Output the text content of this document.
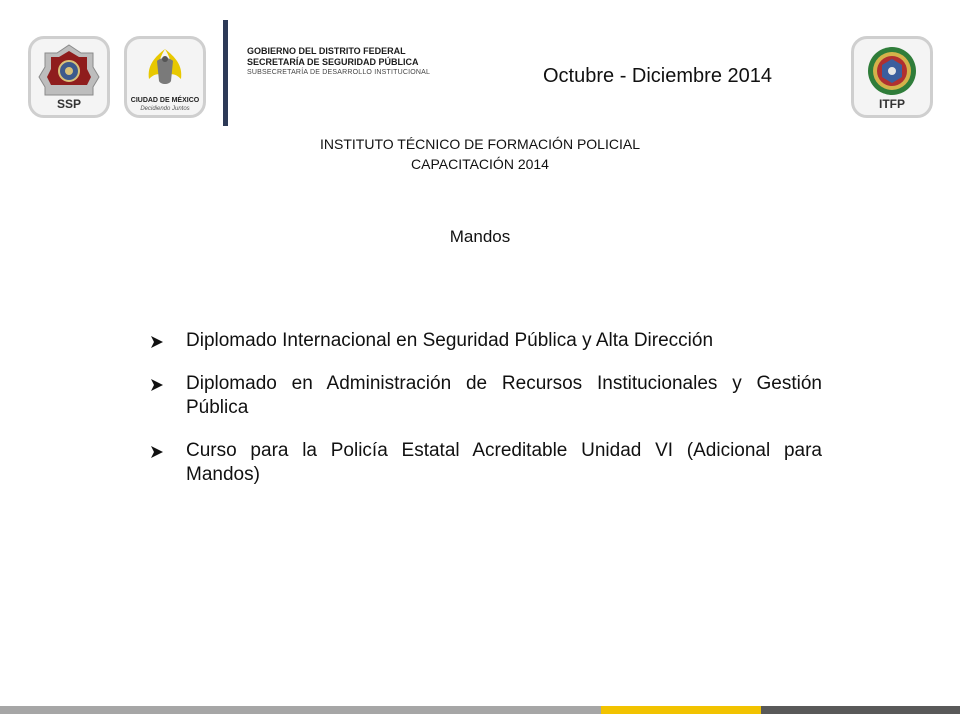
SSP	CIUDAD DE MÉXICO
Decidiendo Juntos
GOBIERNO DEL DISTRITO FEDERAL
SECRETARÍA DE SEGURIDAD PÚBLICA
SUBSECRETARÍA DE DESARROLLO INSTITUCIONAL	Octubre - Diciembre 2014
ITFP
INSTITUTO TÉCNICO DE FORMACIÓN POLICIAL
CAPACITACIÓN 2014
Mandos
Diplomado Internacional en Seguridad Pública y Alta Dirección
Diplomado en Administración de Recursos Institucionales y Gestión Pública
Curso para la Policía Estatal Acreditable Unidad VI (Adicional para Mandos)
